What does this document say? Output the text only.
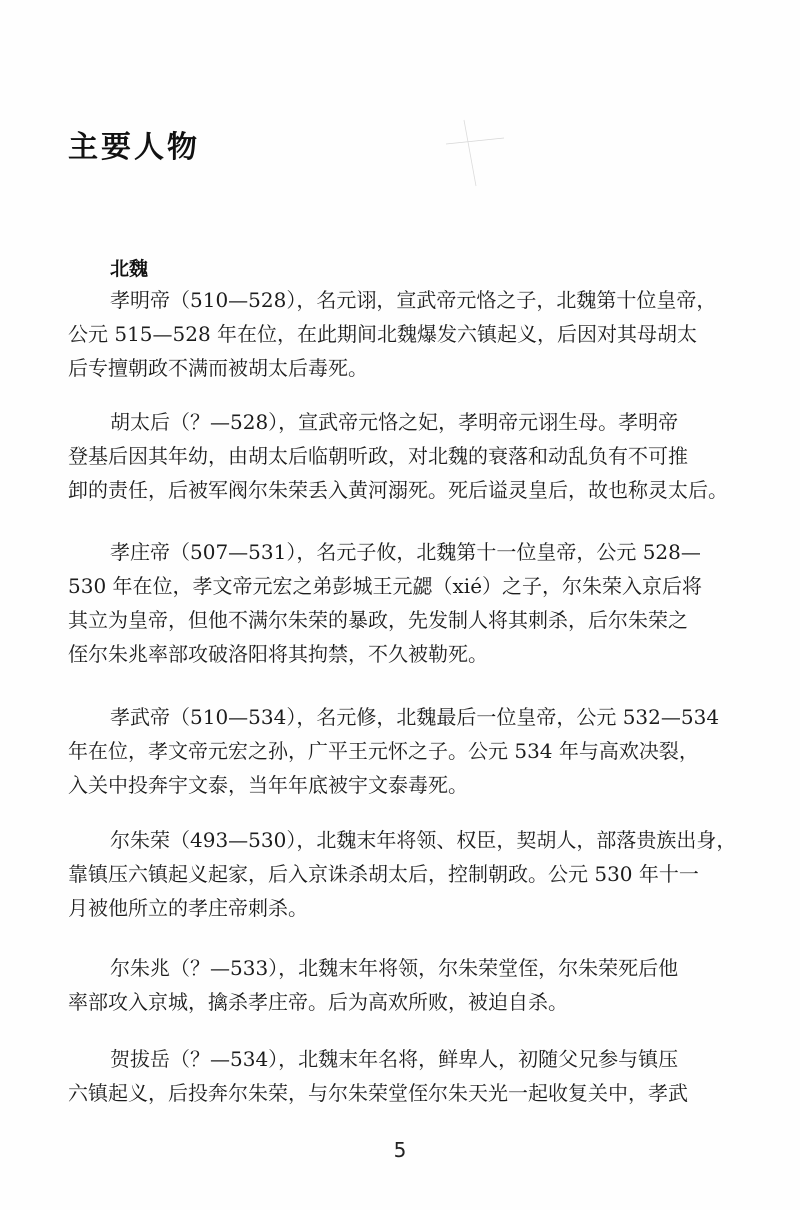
主要人物
北魏

孝明帝（510—528），名元诩，宣武帝元恪之子，北魏第十位皇帝，
公元 515—528 年在位，在此期间北魏爆发六镇起义，后因对其母胡太
后专擅朝政不满而被胡太后毒死。

胡太后（？—528），宣武帝元恪之妃，孝明帝元诩生母。孝明帝
登基后因其年幼，由胡太后临朝听政，对北魏的衰落和动乱负有不可推
卸的责任，后被军阀尔朱荣丢入黄河溺死。死后谥灵皇后，故也称灵太后。

孝庄帝（507—531），名元子攸，北魏第十一位皇帝，公元 528—
530 年在位，孝文帝元宏之弟彭城王元勰（xié）之子，尔朱荣入京后将
其立为皇帝，但他不满尔朱荣的暴政，先发制人将其刺杀，后尔朱荣之
侄尔朱兆率部攻破洛阳将其拘禁，不久被勒死。

孝武帝（510—534），名元修，北魏最后一位皇帝，公元 532—534
年在位，孝文帝元宏之孙，广平王元怀之子。公元 534 年与高欢决裂，
入关中投奔宇文泰，当年年底被宇文泰毒死。

尔朱荣（493—530），北魏末年将领、权臣，契胡人，部落贵族出身，
靠镇压六镇起义起家，后入京诛杀胡太后，控制朝政。公元 530 年十一
月被他所立的孝庄帝刺杀。

尔朱兆（？—533），北魏末年将领，尔朱荣堂侄，尔朱荣死后他
率部攻入京城，擒杀孝庄帝。后为高欢所败，被迫自杀。

贺拔岳（？—534），北魏末年名将，鲜卑人，初随父兄参与镇压
六镇起义，后投奔尔朱荣，与尔朱荣堂侄尔朱天光一起收复关中，孝武

5
